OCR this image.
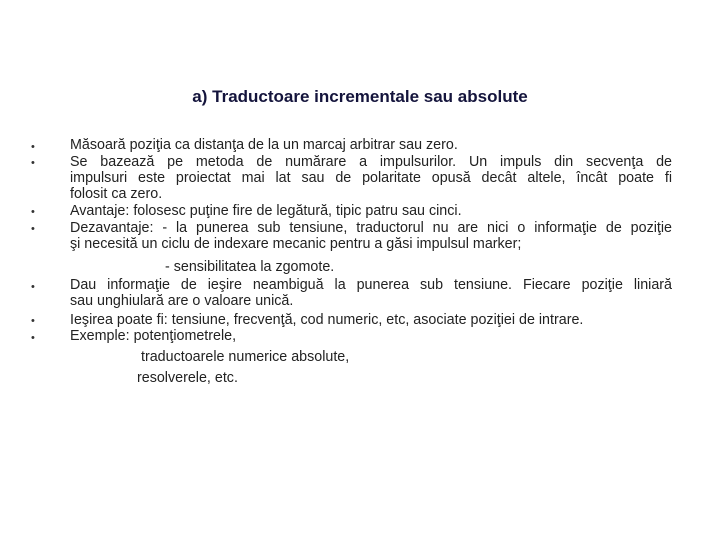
a) Traductoare incrementale sau absolute
•
•
•
•
•
•
•
Măsoară poziţia ca distanţa de la un marcaj arbitrar sau zero.
Se bazează pe metoda de numărare a impulsurilor. Un impuls din secvenţa de
impulsuri este proiectat mai lat sau de polaritate opusă decât altele, încât poate fi
folosit ca zero.
Avantaje: folosesc puţine fire de legătură, tipic patru sau cinci.
Dezavantaje: - la punerea sub tensiune, traductorul nu are nici o informaţie de poziţie
şi necesită un ciclu de indexare mecanic pentru a găsi impulsul marker;
- sensibilitatea la zgomote.
Dau informaţie de ieşire neambiguă la punerea sub tensiune. Fiecare poziţie liniară
sau unghiulară are o valoare unică.
Ieşirea poate fi: tensiune, frecvenţă, cod numeric, etc, asociate poziţiei de intrare.
Exemple: potenţiometrele,
traductoarele numerice absolute,
resolverele, etc.
